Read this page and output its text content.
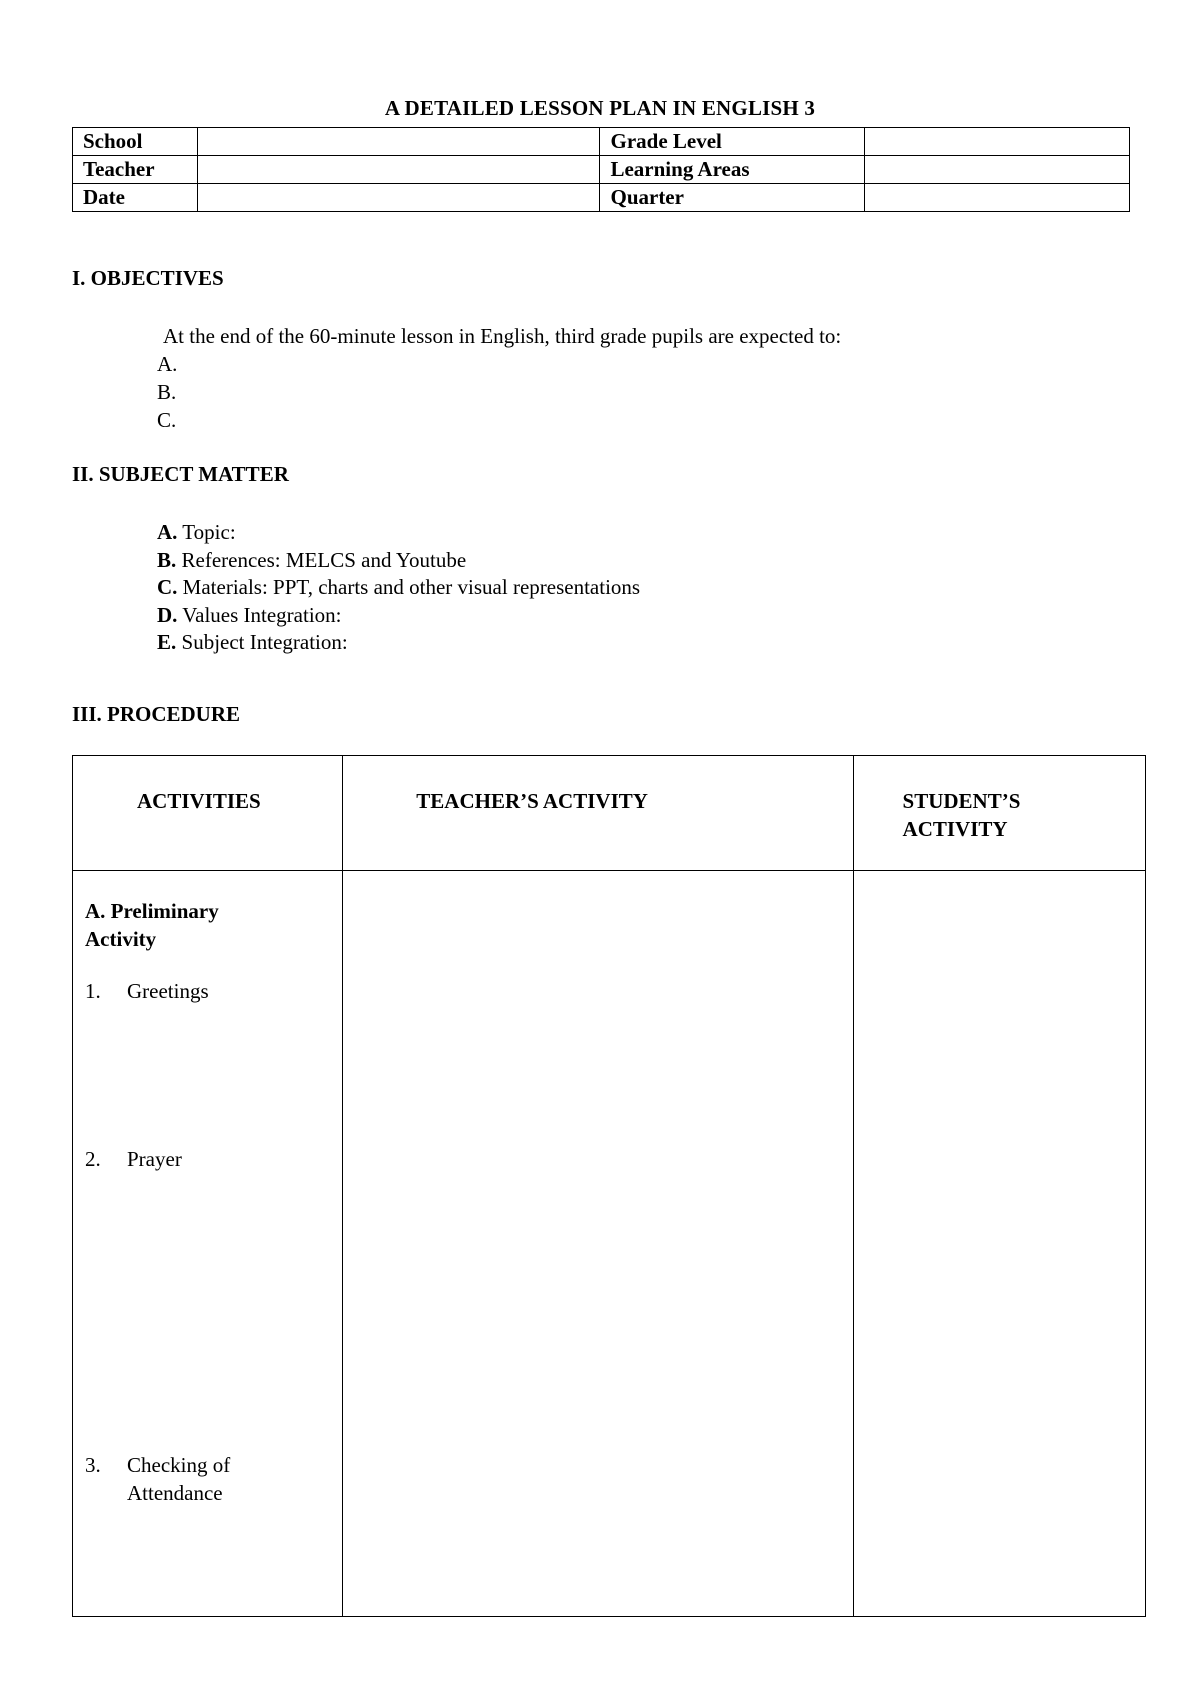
A DETAILED LESSON PLAN IN ENGLISH 3
School		Grade Level	
Teacher		Learning Areas	
Date		Quarter	
I. OBJECTIVES
At the end of the 60-minute lesson in English, third grade pupils are expected to:
A.
B.
C.
II. SUBJECT MATTER
A. Topic:
B. References: MELCS and Youtube
C. Materials: PPT, charts and other visual representations
D. Values Integration:
E. Subject Integration:
III. PROCEDURE
ACTIVITIES	TEACHER’S ACTIVITY	STUDENT’S ACTIVITY

A. Preliminary Activity
1. Greetings
2. Prayer
3. Checking of Attendance		
